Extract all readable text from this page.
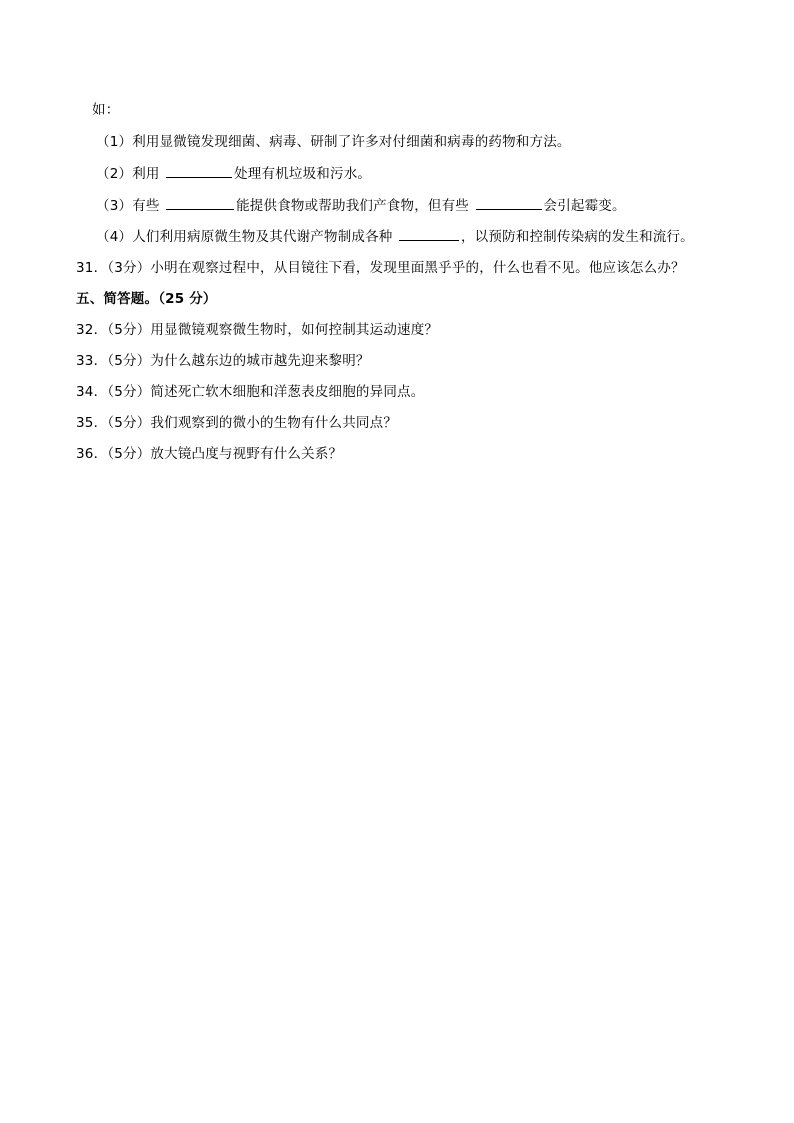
如：
（1）利用显微镜发现细菌、病毒、研制了许多对付细菌和病毒的药物和方法。
（2）利用	处理有机垃圾和污水。
（3）有些	能提供食物或帮助我们产食物，但有些	会引起霉变。
（4）人们利用病原微生物及其代谢产物制成各种	，以预防和控制传染病的发生和流行。
31．（3分）小明在观察过程中，从目镜往下看，发现里面黑乎乎的，什么也看不见。他应该怎么办？
五、简答题。（25 分）
32．（5分）用显微镜观察微生物时，如何控制其运动速度？
33．（5分）为什么越东边的城市越先迎来黎明？
34．（5分）简述死亡软木细胞和洋葱表皮细胞的异同点。
35．（5分）我们观察到的微小的生物有什么共同点？
36．（5分）放大镜凸度与视野有什么关系？
